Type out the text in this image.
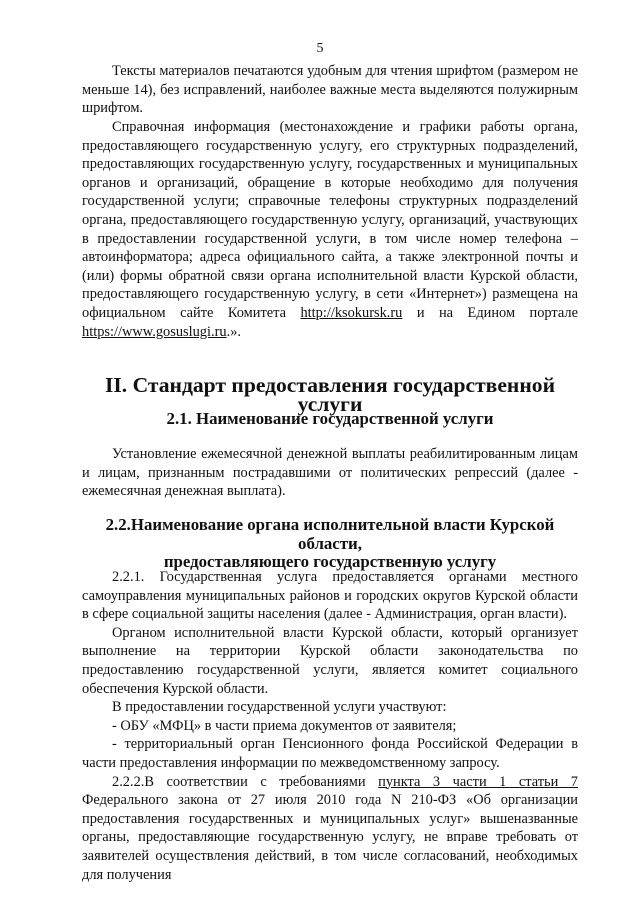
5

Тексты материалов печатаются удобным для чтения шрифтом (размером не меньше 14), без исправлений, наиболее важные места выделяются полужирным шрифтом.

Справочная информация (местонахождение и графики работы органа, предоставляющего государственную услугу, его структурных подразделений, предоставляющих государственную услугу, государственных и муниципальных органов и организаций, обращение в которые необходимо для получения государственной услуги; справочные телефоны структурных подразделений органа, предоставляющего государственную услугу, организаций, участвующих в предоставлении государственной услуги, в том числе номер телефона – автоинформатора; адреса официального сайта, а также электронной почты и (или) формы обратной связи органа исполнительной власти Курской области, предоставляющего государственную услугу, в сети «Интернет») размещена на официальном сайте Комитета http://ksokursk.ru и на Едином портале https://www.gosuslugi.ru.».

II. Стандарт предоставления государственной услуги
2.1. Наименование государственной услуги

Установление ежемесячной денежной выплаты реабилитированным лицам и лицам, признанным пострадавшими от политических репрессий (далее - ежемесячная денежная выплата).

2.2.Наименование органа исполнительной власти Курской области,
предоставляющего государственную услугу

2.2.1. Государственная услуга предоставляется органами местного самоуправления муниципальных районов и городских округов Курской области в сфере социальной защиты населения (далее - Администрация, орган власти).

Органом исполнительной власти Курской области, который организует выполнение на территории Курской области законодательства по предоставлению государственной услуги, является комитет социального обеспечения Курской области.

В предоставлении государственной услуги участвуют:

- ОБУ «МФЦ» в части приема документов от заявителя;

- территориальный орган Пенсионного фонда Российской Федерации в части предоставления информации по межведомственному запросу.

2.2.2.В соответствии с требованиями пункта 3 части 1 статьи 7 Федерального закона от 27 июля 2010 года N 210-ФЗ «Об организации предоставления государственных и муниципальных услуг» вышеназванные органы, предоставляющие государственную услугу, не вправе требовать от заявителей осуществления действий, в том числе согласований, необходимых для получения
